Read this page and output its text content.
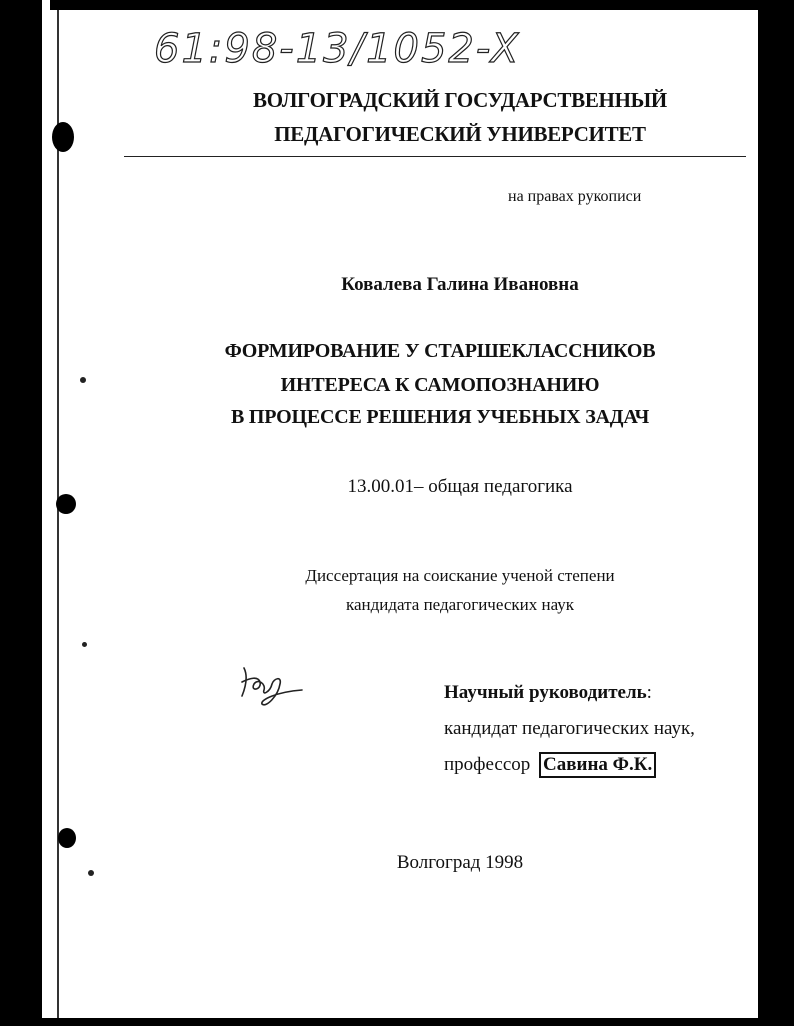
61:98-13/1052-X
ВОЛГОГРАДСКИЙ ГОСУДАРСТВЕННЫЙ
ПЕДАГОГИЧЕСКИЙ УНИВЕРСИТЕТ
на правах рукописи
Ковалева Галина Ивановна
ФОРМИРОВАНИЕ У СТАРШЕКЛАССНИКОВ
ИНТЕРЕСА К САМОПОЗНАНИЮ
В ПРОЦЕССЕ РЕШЕНИЯ УЧЕБНЫХ ЗАДАЧ
13.00.01– общая педагогика
Диссертация на соискание ученой степени
кандидата педагогических наук
Научный руководитель:
кандидат педагогических наук,
профессор Савина Ф.К.
Волгоград 1998
